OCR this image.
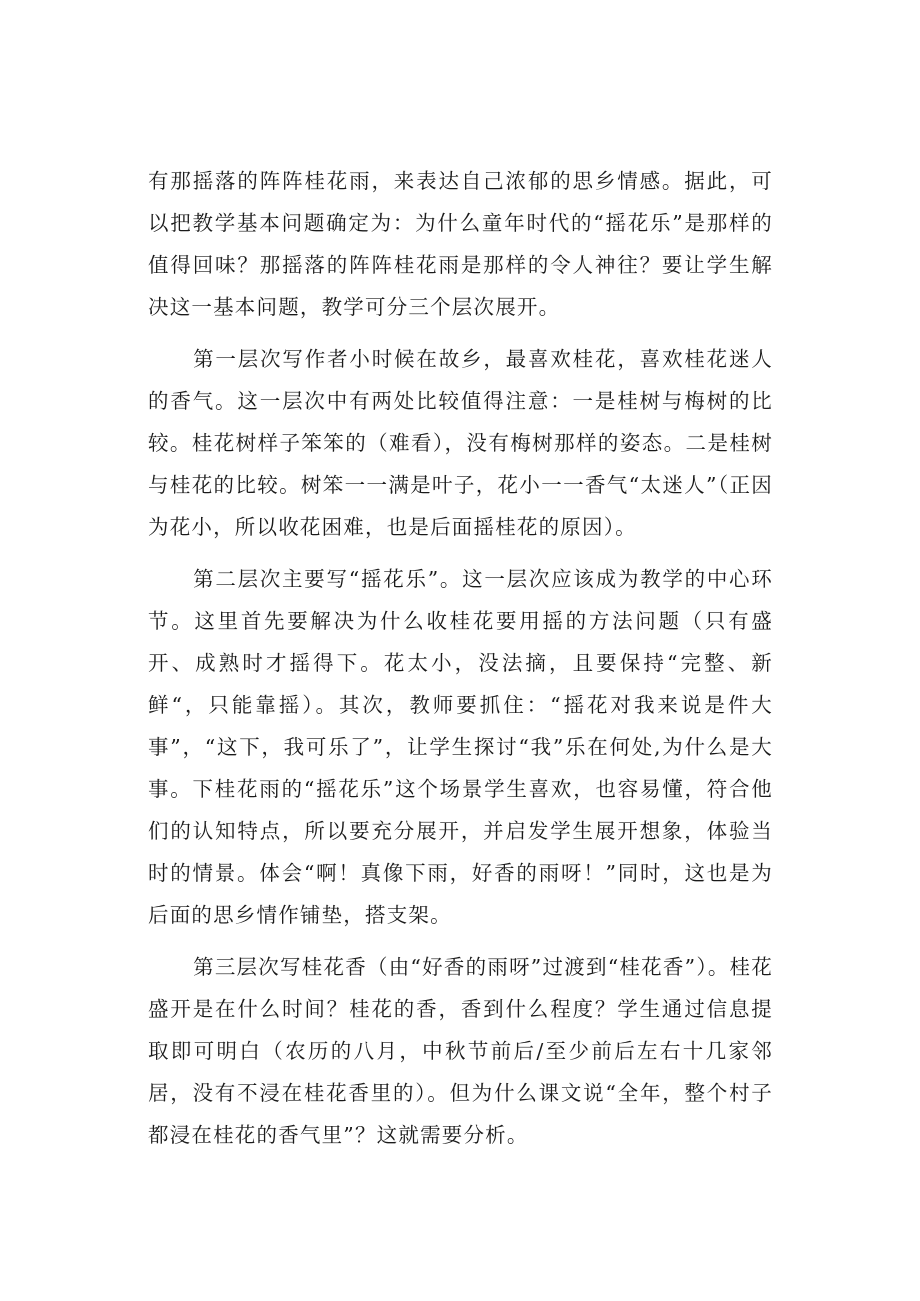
有那摇落的阵阵桂花雨，来表达自己浓郁的思乡情感。据此，可以把教学基本问题确定为：为什么童年时代的“摇花乐”是那样的值得回味？那摇落的阵阵桂花雨是那样的令人神往？要让学生解决这一基本问题，教学可分三个层次展开。

第一层次写作者小时候在故乡，最喜欢桂花，喜欢桂花迷人的香气。这一层次中有两处比较值得注意：一是桂树与梅树的比较。桂花树样子笨笨的（难看），没有梅树那样的姿态。二是桂树与桂花的比较。树笨一一满是叶子，花小一一香气“太迷人”（正因为花小，所以收花困难，也是后面摇桂花的原因）。

第二层次主要写“摇花乐”。这一层次应该成为教学的中心环节。这里首先要解决为什么收桂花要用摇的方法问题（只有盛开、成熟时才摇得下。花太小，没法摘，且要保持“完整、新鲜“，只能靠摇）。其次，教师要抓住：“摇花对我来说是件大事”，“这下，我可乐了”，让学生探讨“我”乐在何处,为什么是大事。下桂花雨的“摇花乐”这个场景学生喜欢，也容易懂，符合他们的认知特点，所以要充分展开，并启发学生展开想象，体验当时的情景。体会“啊！真像下雨，好香的雨呀！”同时，这也是为后面的思乡情作铺垫，搭支架。

第三层次写桂花香（由“好香的雨呀”过渡到“桂花香”）。桂花盛开是在什么时间？桂花的香，香到什么程度？学生通过信息提取即可明白（农历的八月，中秋节前后/至少前后左右十几家邻居，没有不浸在桂花香里的）。但为什么课文说“全年，整个村子都浸在桂花的香气里”？这就需要分析。
